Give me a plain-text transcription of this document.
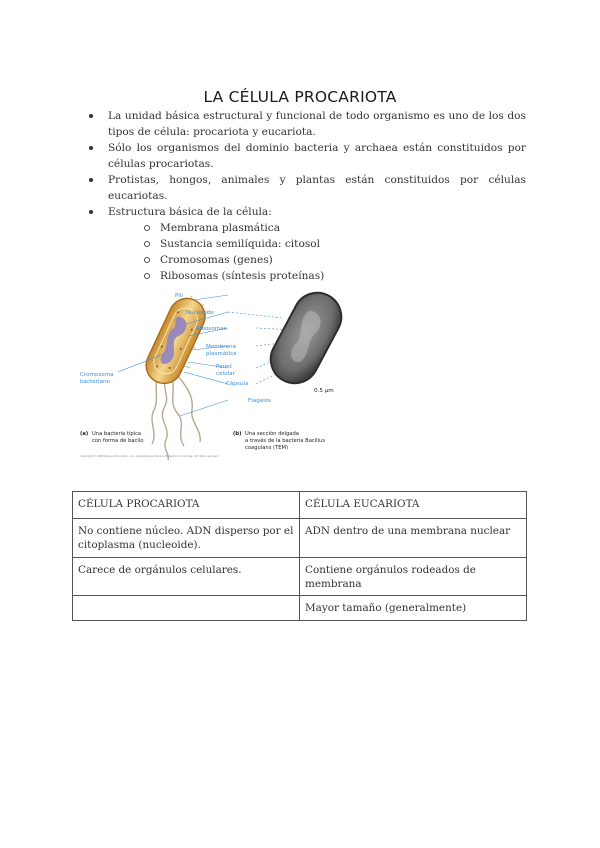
LA CÉLULA PROCARIOTA
La unidad básica estructural y funcional de todo organismo es uno de los dos tipos de célula: procariota y eucariota.
Sólo los organismos del dominio bacteria y archaea están constituidos por células procariotas.
Protistas, hongos, animales y plantas están constituidos por células eucariotas.
Estructura básica de la célula:
Membrana plasmática
Sustancia semilíquida: citosol
Cromosomas (genes)
Ribosomas (síntesis proteínas)
Pili
Nucleoide
Ribosomas
Membrana
plasmática
Pared
celular
Cápsula
Flagelos
Cromosoma
bacteriano
0.5 µm
(a) Una bacteria típica
con forma de bacilo
(b) Una sección delgada
a través de la bacteria Bacillus
coagulans (TEM)
Copyright © 2008 Pearson Education, Inc., publishing as Pearson Benjamin Cummings. All rights reserved.
CÉLULA PROCARIOTA	CÉLULA EUCARIOTA
No contiene núcleo. ADN disperso por el citoplasma (nucleoide).	ADN dentro de una membrana nuclear
Carece de orgánulos celulares.	Contiene orgánulos rodeados de membrana
	Mayor tamaño (generalmente)
